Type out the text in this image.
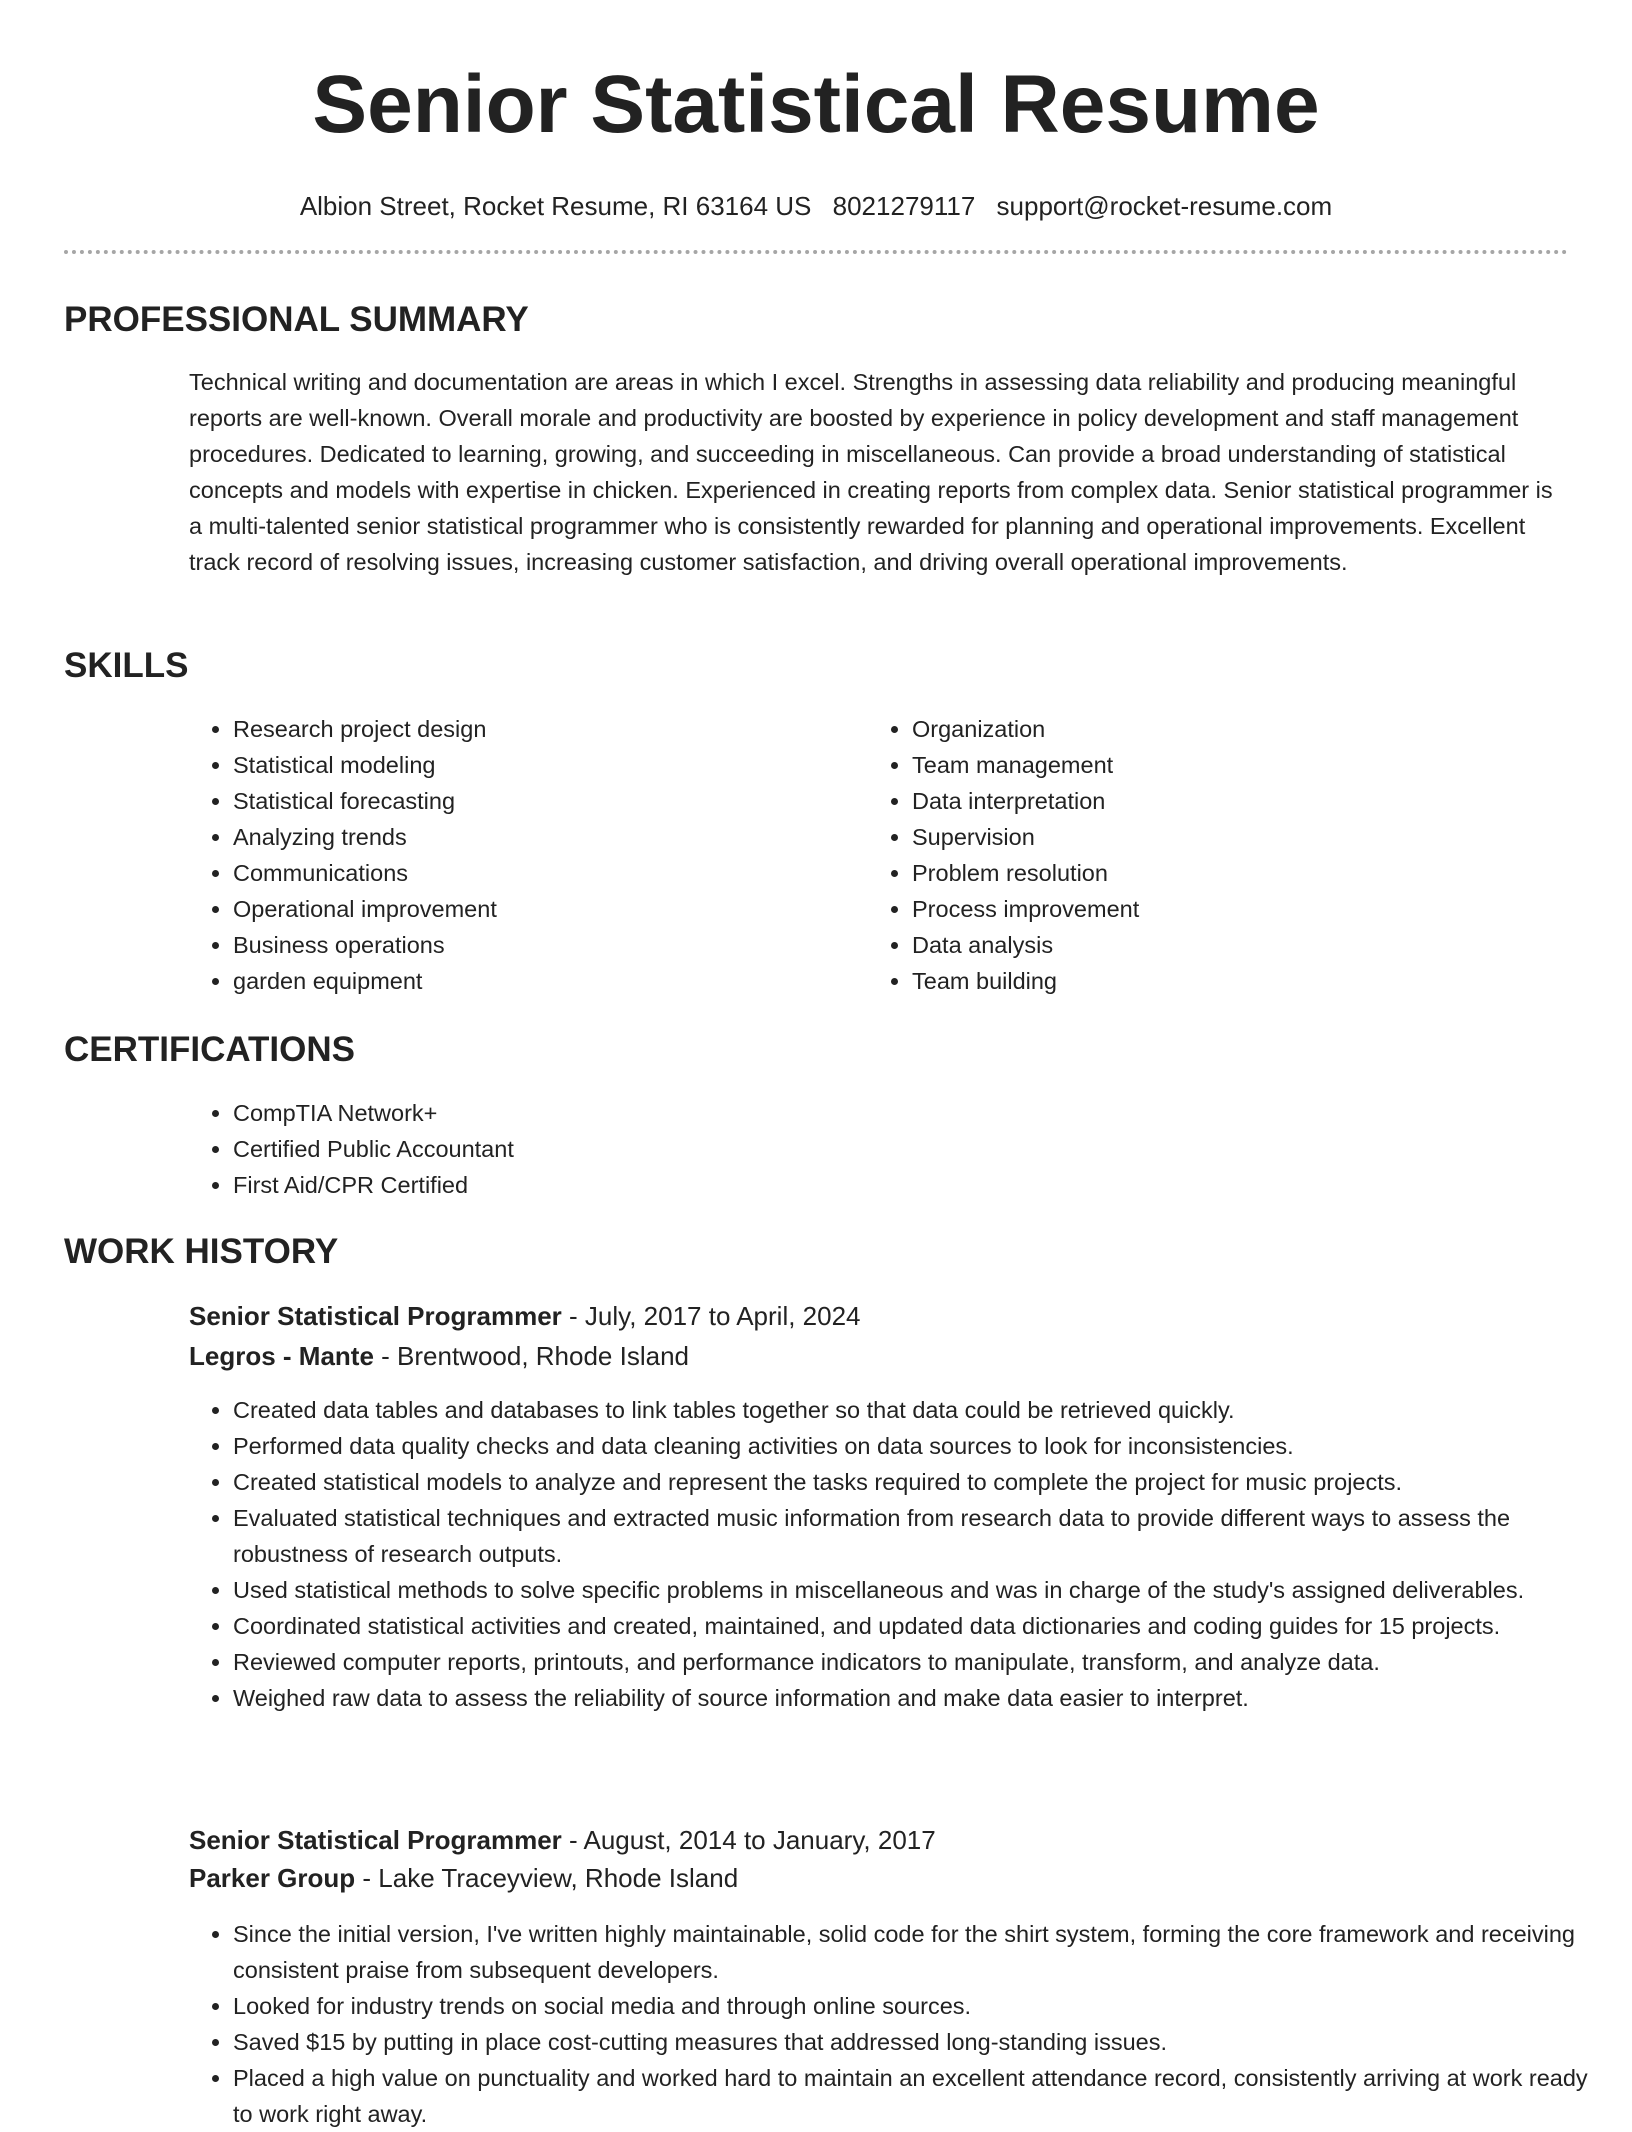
Senior Statistical Resume
Albion Street, Rocket Resume, RI 63164 US 8021279117 support@rocket-resume.com
PROFESSIONAL SUMMARY

Technical writing and documentation are areas in which I excel. Strengths in assessing data reliability and producing meaningful reports are well-known. Overall morale and productivity are boosted by experience in policy development and staff management procedures. Dedicated to learning, growing, and succeeding in miscellaneous. Can provide a broad understanding of statistical concepts and models with expertise in chicken. Experienced in creating reports from complex data. Senior statistical programmer is a multi-talented senior statistical programmer who is consistently rewarded for planning and operational improvements. Excellent track record of resolving issues, increasing customer satisfaction, and driving overall operational improvements.

SKILLS
• Research project design
• Statistical modeling
• Statistical forecasting
• Analyzing trends
• Communications
• Operational improvement
• Business operations
• garden equipment
• Organization
• Team management
• Data interpretation
• Supervision
• Problem resolution
• Process improvement
• Data analysis
• Team building
CERTIFICATIONS
• CompTIA Network+
• Certified Public Accountant
• First Aid/CPR Certified
WORK HISTORY
Senior Statistical Programmer - July, 2017 to April, 2024
Legros - Mante - Brentwood, Rhode Island
• Created data tables and databases to link tables together so that data could be retrieved quickly.
• Performed data quality checks and data cleaning activities on data sources to look for inconsistencies.
• Created statistical models to analyze and represent the tasks required to complete the project for music projects.
• Evaluated statistical techniques and extracted music information from research data to provide different ways to assess the robustness of research outputs.
• Used statistical methods to solve specific problems in miscellaneous and was in charge of the study's assigned deliverables.
• Coordinated statistical activities and created, maintained, and updated data dictionaries and coding guides for 15 projects.
• Reviewed computer reports, printouts, and performance indicators to manipulate, transform, and analyze data.
• Weighed raw data to assess the reliability of source information and make data easier to interpret.
Senior Statistical Programmer - August, 2014 to January, 2017
Parker Group - Lake Traceyview, Rhode Island
• Since the initial version, I've written highly maintainable, solid code for the shirt system, forming the core framework and receiving consistent praise from subsequent developers.
• Looked for industry trends on social media and through online sources.
• Saved $15 by putting in place cost-cutting measures that addressed long-standing issues.
• Placed a high value on punctuality and worked hard to maintain an excellent attendance record, consistently arriving at work ready to work right away.
